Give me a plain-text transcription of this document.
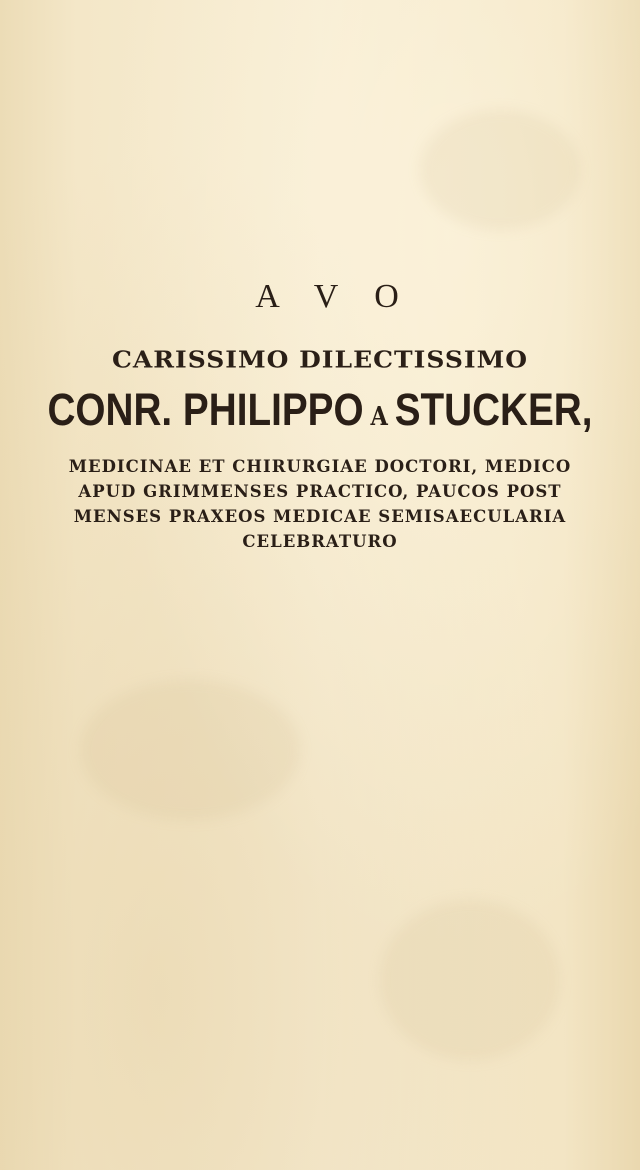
A V O
CARISSIMO DILECTISSIMO
CONR. PHILIPPO A STUCKER,
MEDICINAE ET CHIRURGIAE DOCTORI, MEDICO
APUD GRIMMENSES PRACTICO, PAUCOS POST
MENSES PRAXEOS MEDICAE SEMISAECULARIA
CELEBRATURO
